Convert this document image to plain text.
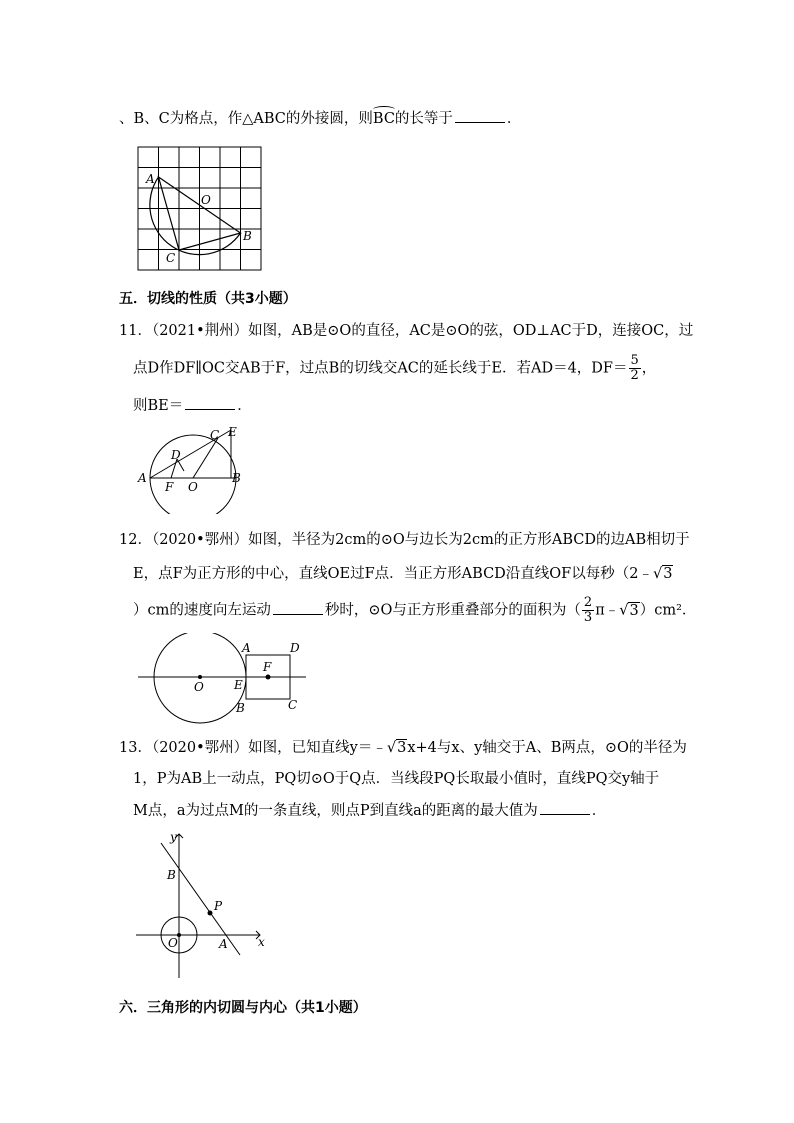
、B、C为格点，作△ABC的外接圆，则
BC的长等于	．
A
O
B
C
五．切线的性质（共3小题）
11．（2021•荆州）如图，AB是⊙O的直径，AC是⊙O的弦，OD⊥AC于D，连接OC，过
点D作DF∥OC交AB于F，过点B的切线交AC的延长线于E．若AD＝4，$DF= \frac{5}{2}$ ，
则BE＝	．
A	B
C
D
E
F O
12．（2020•鄂州）如图，半径为2cm的⊙O与边长为2cm的正方形ABCD的边AB相切于
E，点F为正方形的中心，直线OE过F点．当正方形ABCD沿直线OF以每秒（2﹣√3
）cm的速度向左运动	秒时，⊙O与正方形重叠部分的面积为（ $\frac{2}{3}$ π﹣√3）cm²．
O	E
A
B	C
D
F
13．（2020•鄂州）如图，已知直线y＝﹣√3x+4与x、y轴交于A、B两点，⊙O的半径为
1，P为AB上一动点，PQ切⊙O于Q点．当线段PQ长取最小值时，直线PQ交y轴于
M点，a为过点M的一条直线，则点P到直线a的距离的最大值为	．
y
x
B
P
O	A
六．三角形的内切圆与内心（共1小题）
